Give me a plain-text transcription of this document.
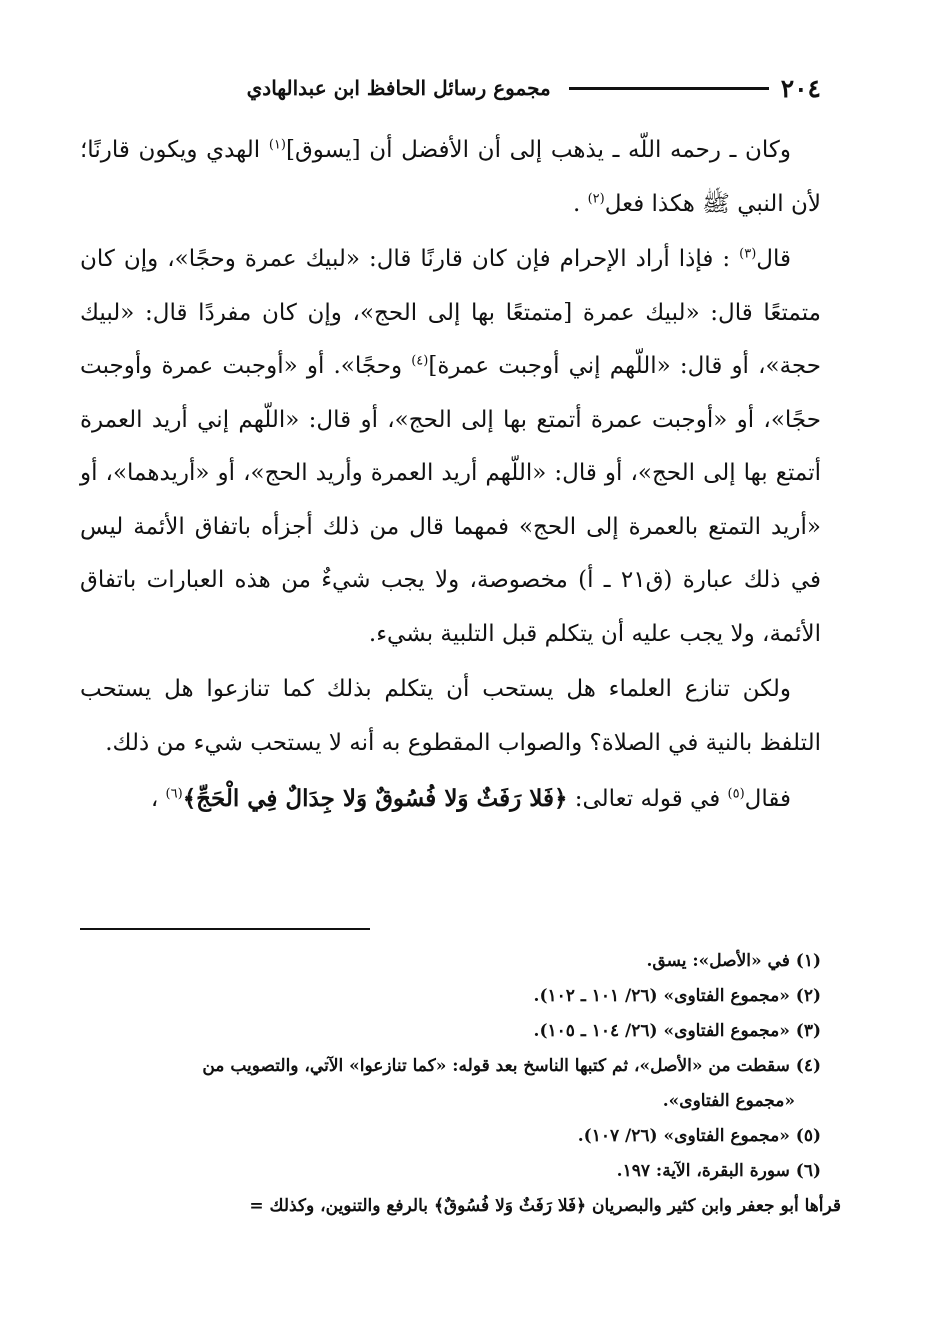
٢٠٤
مجموع رسائل الحافظ ابن عبدالهادي

وكان ـ رحمه اللّه ـ يذهب إلى أن الأفضل أن [يسوق]$^{(١)}$ الهدي ويكون قارنًا؛ لأن النبي ﷺ هكذا فعل$^{(٢)}$ .

قال$^{(٣)}$ : فإذا أراد الإحرام فإن كان قارنًا قال: «لبيك عمرة وحجًا»، وإن كان متمتعًا قال: «لبيك عمرة [متمتعًا بها إلى الحج»، وإن كان مفردًا قال: «لبيك حجة»، أو قال: «اللّهم إني أوجبت عمرة]$^{(٤)}$ وحجًا». أو «أوجبت عمرة وأوجبت حجًا»، أو «أوجبت عمرة أتمتع بها إلى الحج»، أو قال: «اللّهم إني أريد العمرة أتمتع بها إلى الحج»، أو قال: «اللّهم أريد العمرة وأريد الحج»، أو «أريدهما»، أو «أريد التمتع بالعمرة إلى الحج» فمهما قال من ذلك أجزأه باتفاق الأئمة ليس في ذلك عبارة (ق٢١ ـ أ) مخصوصة، ولا يجب شيءٌ من هذه العبارات باتفاق الأئمة، ولا يجب عليه أن يتكلم قبل التلبية بشيء.

ولكن تنازع العلماء هل يستحب أن يتكلم بذلك كما تنازعوا هل يستحب التلفظ بالنية في الصلاة؟ والصواب المقطوع به أنه لا يستحب شيء من ذلك.

فقال$^{(٥)}$ في قوله تعالى: ﴿فَلا رَفَثٌ وَلا فُسُوقٌ وَلا جِدَالٌ فِي الْحَجِّ﴾$^{(٦)}$ ،

(١) في «الأصل»: يسق.

(٢) «مجموع الفتاوى» (٢٦/ ١٠١ ـ ١٠٢).

(٣) «مجموع الفتاوى» (٢٦/ ١٠٤ ـ ١٠٥).

(٤) سقطت من «الأصل»، ثم كتبها الناسخ بعد قوله: «كما تنازعوا» الآتي، والتصويب من

«مجموع الفتاوى».

(٥) «مجموع الفتاوى» (٢٦/ ١٠٧).

(٦) سورة البقرة، الآية: ١٩٧.

قرأها أبو جعفر وابن كثير والبصريان ﴿فَلا رَفَثٌ وَلا فُسُوقٌ﴾ بالرفع والتنوين، وكذلك =
